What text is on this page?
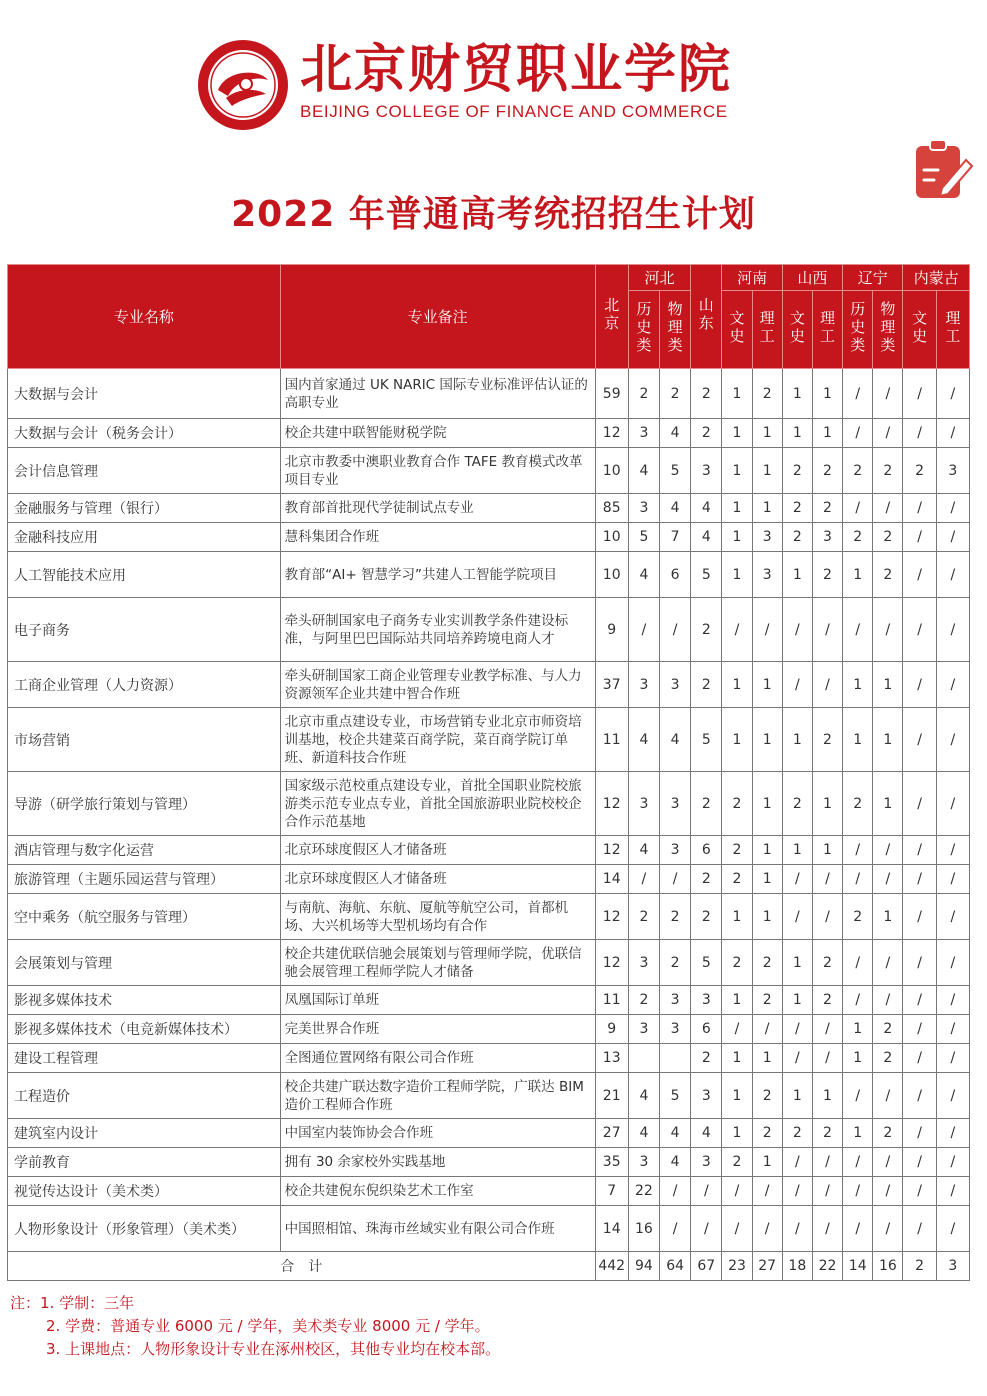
北京财贸职业学院
BEIJING COLLEGE OF FINANCE AND COMMERCE
2022 年普通高考统招招生计划
专业名称	专业备注	北京	河北		山东	河南		山西		辽宁		内蒙古	
			历史类	物理类		文史	理工	文史	理工	历史类	物理类	文史	理工
大数据与会计	国内首家通过 UK NARIC 国际专业标准评估认证的高职专业	59	2	2	2	1	2	1	1	/	/	/	/
大数据与会计（税务会计）	校企共建中联智能财税学院	12	3	4	2	1	1	1	1	/	/	/	/
会计信息管理	北京市教委中澳职业教育合作 TAFE 教育模式改革项目专业	10	4	5	3	1	1	2	2	2	2	2	3
金融服务与管理（银行）	教育部首批现代学徒制试点专业	85	3	4	4	1	1	2	2	/	/	/	/
金融科技应用	慧科集团合作班	10	5	7	4	1	3	2	3	2	2	/	/
人工智能技术应用	教育部“AI+ 智慧学习”共建人工智能学院项目	10	4	6	5	1	3	1	2	1	2	/	/
电子商务	牵头研制国家电子商务专业实训教学条件建设标准，与阿里巴巴国际站共同培养跨境电商人才	9	/	/	2	/	/	/	/	/	/	/	/
工商企业管理（人力资源）	牵头研制国家工商企业管理专业教学标准、与人力资源领军企业共建中智合作班	37	3	3	2	1	1	/	/	1	1	/	/
市场营销	北京市重点建设专业，市场营销专业北京市师资培训基地，校企共建菜百商学院，菜百商学院订单班、新道科技合作班	11	4	4	5	1	1	1	2	1	1	/	/
导游（研学旅行策划与管理）	国家级示范校重点建设专业，首批全国职业院校旅游类示范专业点专业，首批全国旅游职业院校校企合作示范基地	12	3	3	2	2	1	2	1	2	1	/	/
酒店管理与数字化运营	北京环球度假区人才储备班	12	4	3	6	2	1	1	1	/	/	/	/
旅游管理（主题乐园运营与管理）	北京环球度假区人才储备班	14	/	/	2	2	1	/	/	/	/	/	/
空中乘务（航空服务与管理）	与南航、海航、东航、厦航等航空公司，首都机场、大兴机场等大型机场均有合作	12	2	2	2	1	1	/	/	2	1	/	/
会展策划与管理	校企共建优联信驰会展策划与管理师学院，优联信驰会展管理工程师学院人才储备	12	3	2	5	2	2	1	2	/	/	/	/
影视多媒体技术	凤凰国际订单班	11	2	3	3	1	2	1	2	/	/	/	/
影视多媒体技术（电竞新媒体技术）	完美世界合作班	9	3	3	6	/	/	/	/	1	2	/	/
建设工程管理	全图通位置网络有限公司合作班	13			2	1	1	/	/	1	2	/	/
工程造价	校企共建广联达数字造价工程师学院，广联达 BIM 造价工程师合作班	21	4	5	3	1	2	1	1	/	/	/	/
建筑室内设计	中国室内装饰协会合作班	27	4	4	4	1	2	2	2	1	2	/	/
学前教育	拥有 30 余家校外实践基地	35	3	4	3	2	1	/	/	/	/	/	/
视觉传达设计（美术类）	校企共建倪东倪织染艺术工作室	7	22	/	/	/	/	/	/	/	/	/	/
人物形象设计（形象管理）（美术类）	中国照相馆、珠海市丝域实业有限公司合作班	14	16	/	/	/	/	/	/	/	/	/	/
合　计		442	94	64	67	23	27	18	22	14	16	2	3
注：1. 学制：三年
2. 学费：普通专业 6000 元 / 学年，美术类专业 8000 元 / 学年。
3. 上课地点：人物形象设计专业在涿州校区，其他专业均在校本部。
